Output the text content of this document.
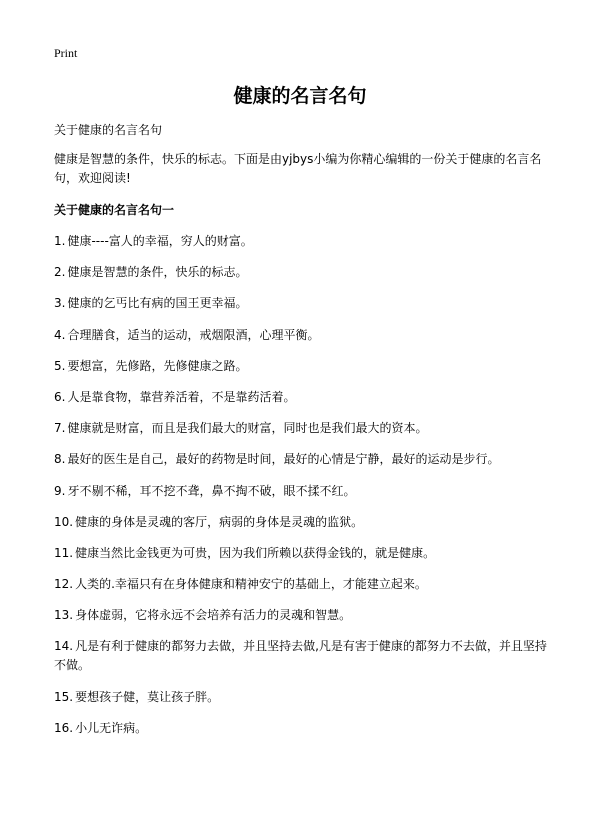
Print
健康的名言名句
关于健康的名言名句
健康是智慧的条件，快乐的标志。下面是由yjbys小编为你精心编辑的一份关于健康的名言名句，欢迎阅读!
关于健康的名言名句一
1. 健康----富人的幸福，穷人的财富。
2. 健康是智慧的条件，快乐的标志。
3. 健康的乞丐比有病的国王更幸福。
4. 合理膳食，适当的运动，戒烟限酒，心理平衡。
5. 要想富，先修路，先修健康之路。
6. 人是靠食物，靠营养活着，不是靠药活着。
7. 健康就是财富，而且是我们最大的财富，同时也是我们最大的资本。
8. 最好的医生是自己，最好的药物是时间，最好的心情是宁静，最好的运动是步行。
9. 牙不剔不稀，耳不挖不聋，鼻不掏不破，眼不揉不红。
10. 健康的身体是灵魂的客厅，病弱的身体是灵魂的监狱。
11. 健康当然比金钱更为可贵，因为我们所赖以获得金钱的，就是健康。
12. 人类的.幸福只有在身体健康和精神安宁的基础上，才能建立起来。
13. 身体虚弱，它将永远不会培养有活力的灵魂和智慧。
14. 凡是有利于健康的都努力去做，并且坚持去做,凡是有害于健康的都努力不去做，并且坚持不做。
15. 要想孩子健，莫让孩子胖。
16. 小儿无诈病。
